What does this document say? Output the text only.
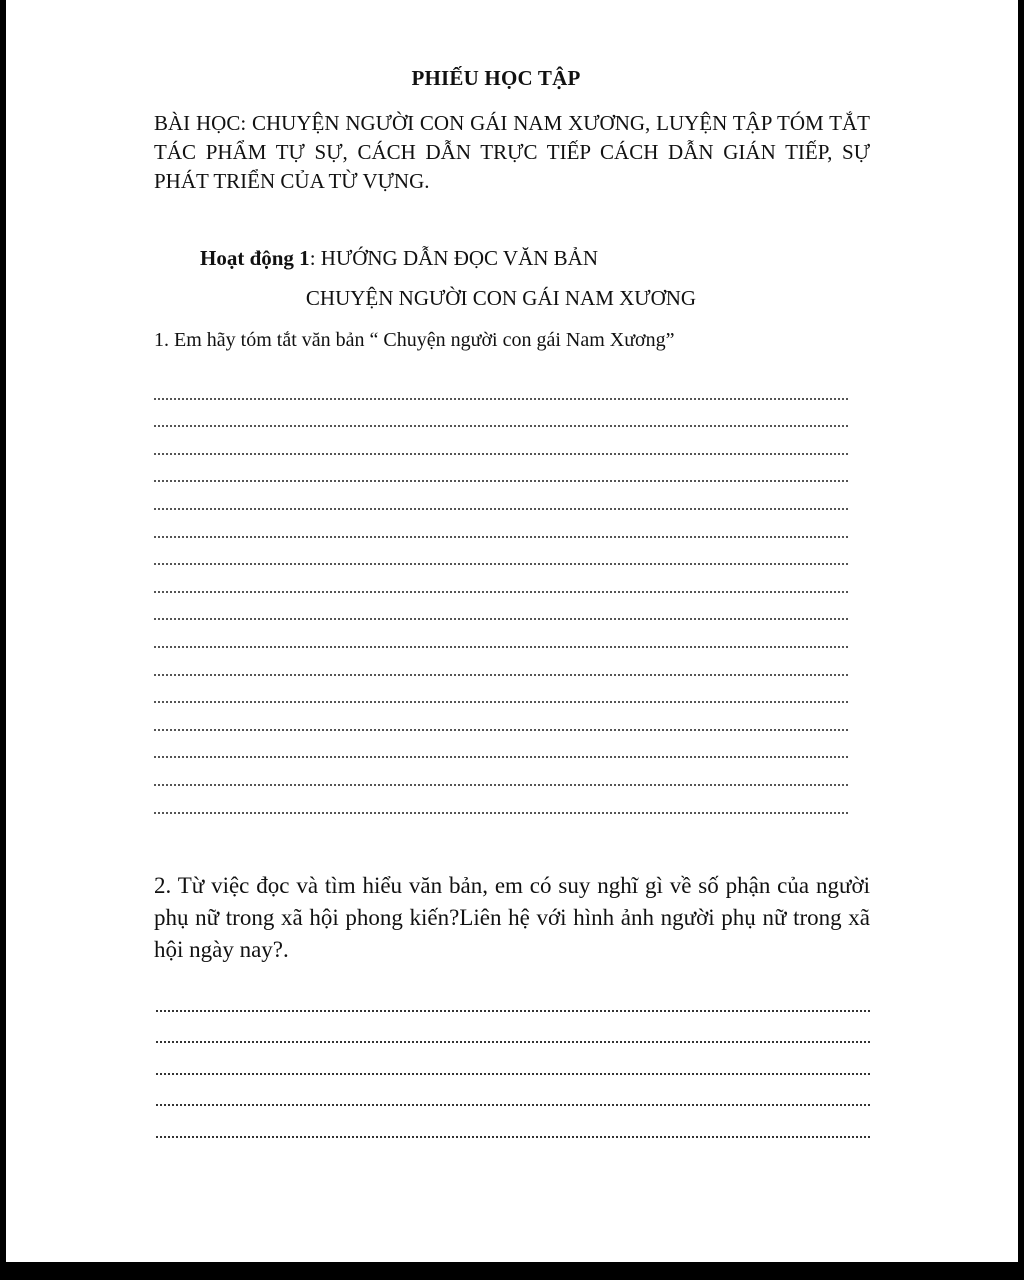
PHIẾU HỌC TẬP
BÀI HỌC: CHUYỆN NGƯỜI CON GÁI NAM XƯƠNG, LUYỆN TẬP TÓM TẮT TÁC PHẨM TỰ SỰ, CÁCH DẪN TRỰC TIẾP CÁCH DẪN GIÁN TIẾP, SỰ PHÁT TRIỂN CỦA TỪ VỰNG.
Hoạt động 1: HƯỚNG DẪN ĐỌC VĂN BẢN
CHUYỆN NGƯỜI CON GÁI NAM XƯƠNG
1. Em hãy tóm tắt văn bản “ Chuyện người con gái Nam Xương”
2. Từ việc đọc và tìm hiểu văn bản, em có suy nghĩ gì về số phận của người phụ nữ trong xã hội phong kiến?Liên hệ với hình ảnh người phụ nữ trong xã hội ngày nay?.
